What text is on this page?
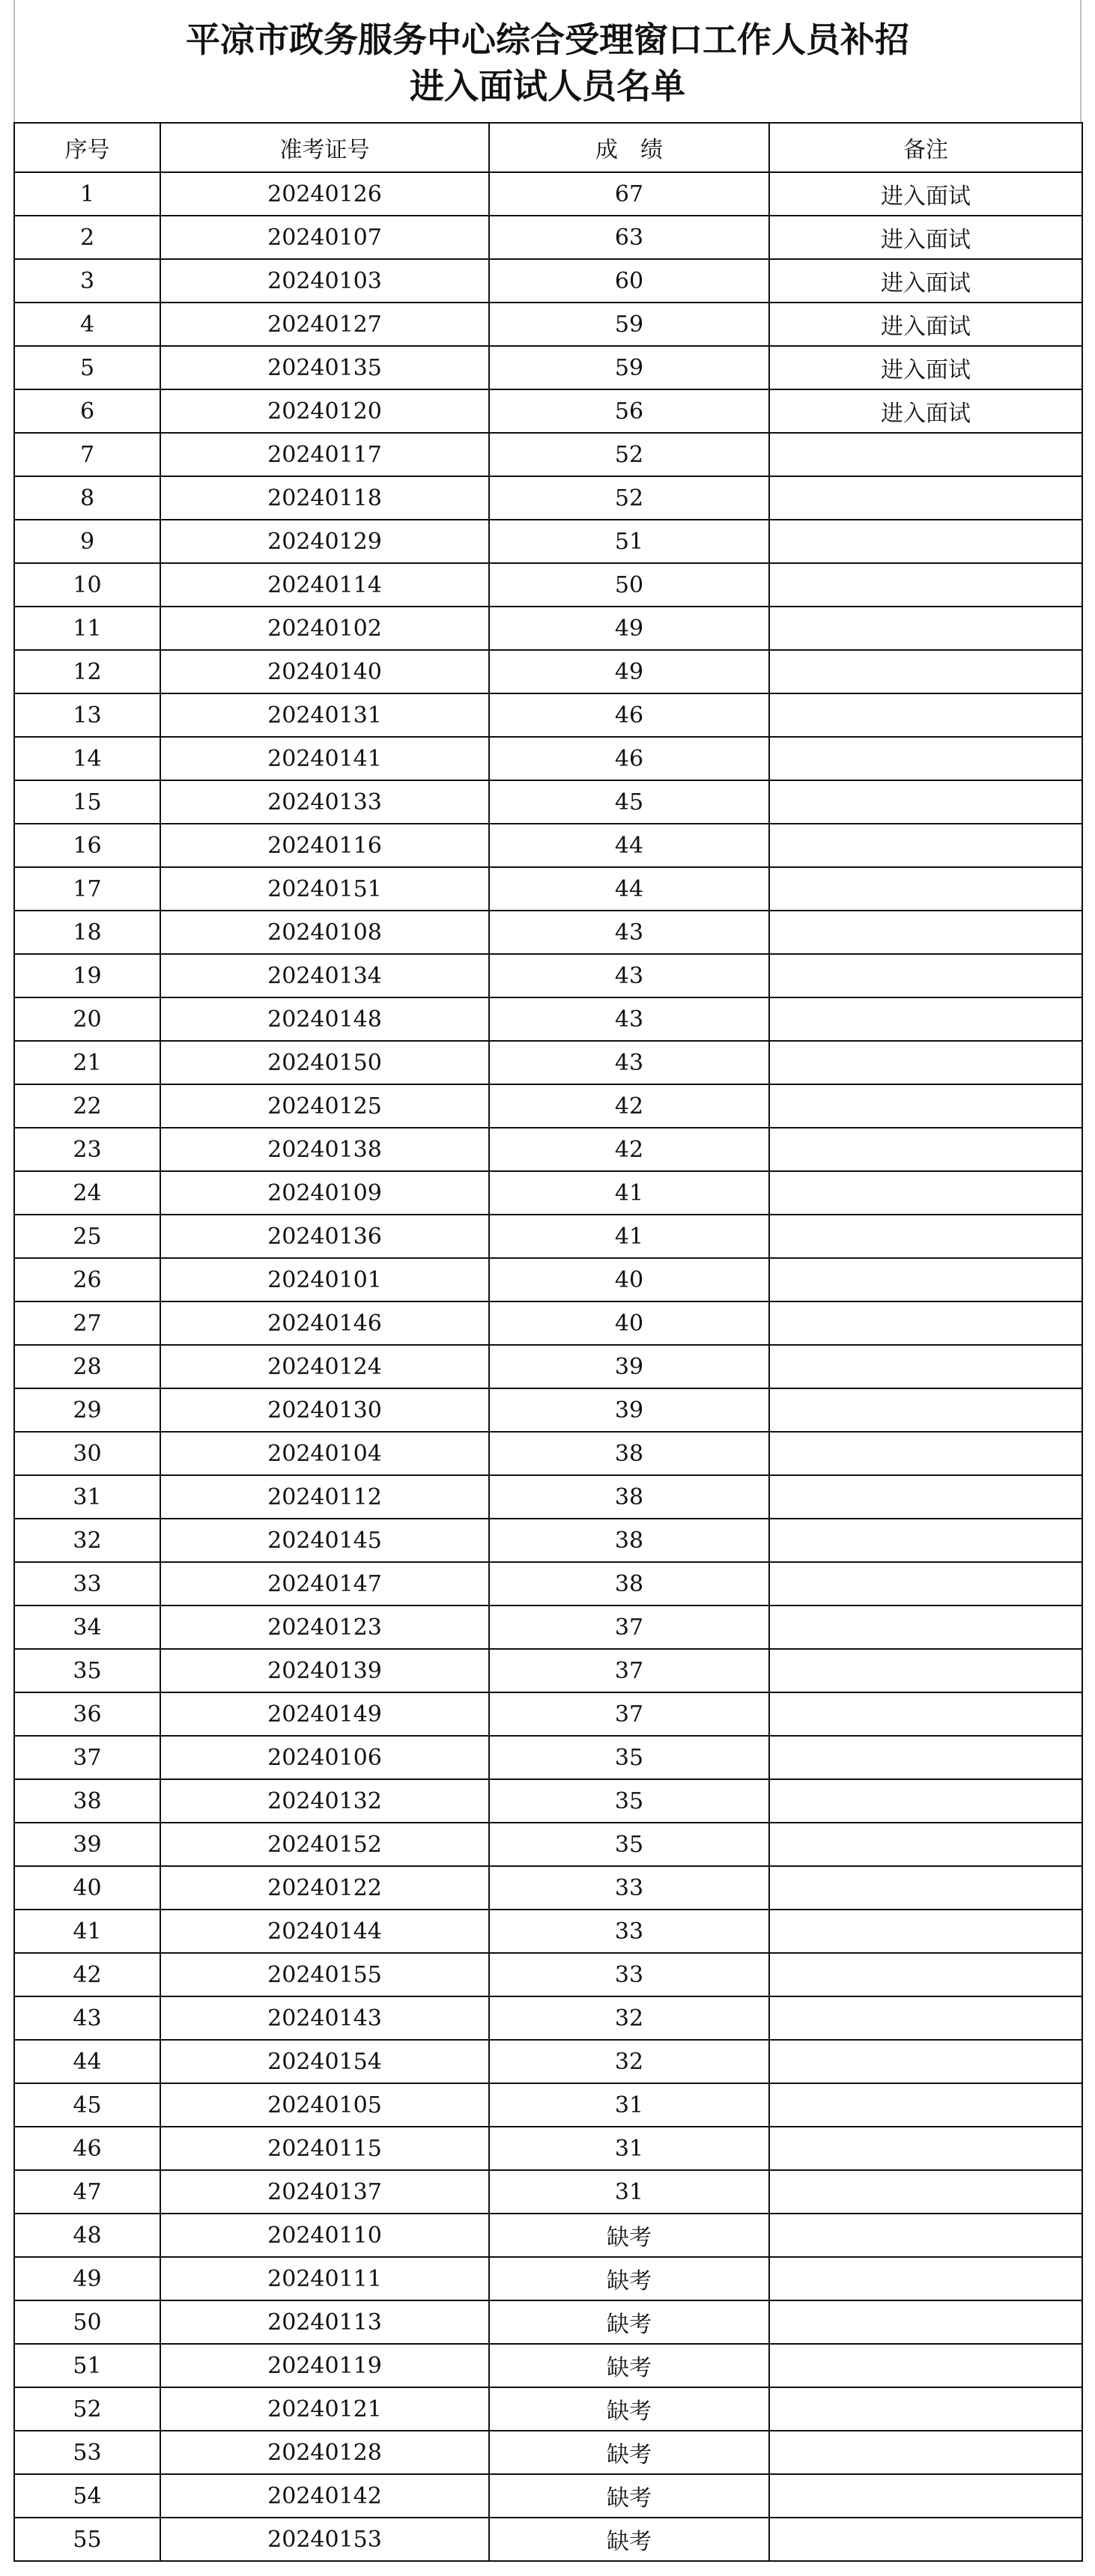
平凉市政务服务中心综合受理窗口工作人员补招
进入面试人员名单
序号	准考证号	成　绩	备注
1	20240126	67	进入面试
2	20240107	63	进入面试
3	20240103	60	进入面试
4	20240127	59	进入面试
5	20240135	59	进入面试
6	20240120	56	进入面试
7	20240117	52	
8	20240118	52	
9	20240129	51	
10	20240114	50	
11	20240102	49	
12	20240140	49	
13	20240131	46	
14	20240141	46	
15	20240133	45	
16	20240116	44	
17	20240151	44	
18	20240108	43	
19	20240134	43	
20	20240148	43	
21	20240150	43	
22	20240125	42	
23	20240138	42	
24	20240109	41	
25	20240136	41	
26	20240101	40	
27	20240146	40	
28	20240124	39	
29	20240130	39	
30	20240104	38	
31	20240112	38	
32	20240145	38	
33	20240147	38	
34	20240123	37	
35	20240139	37	
36	20240149	37	
37	20240106	35	
38	20240132	35	
39	20240152	35	
40	20240122	33	
41	20240144	33	
42	20240155	33	
43	20240143	32	
44	20240154	32	
45	20240105	31	
46	20240115	31	
47	20240137	31	
48	20240110	缺考	
49	20240111	缺考	
50	20240113	缺考	
51	20240119	缺考	
52	20240121	缺考	
53	20240128	缺考	
54	20240142	缺考	
55	20240153	缺考	
